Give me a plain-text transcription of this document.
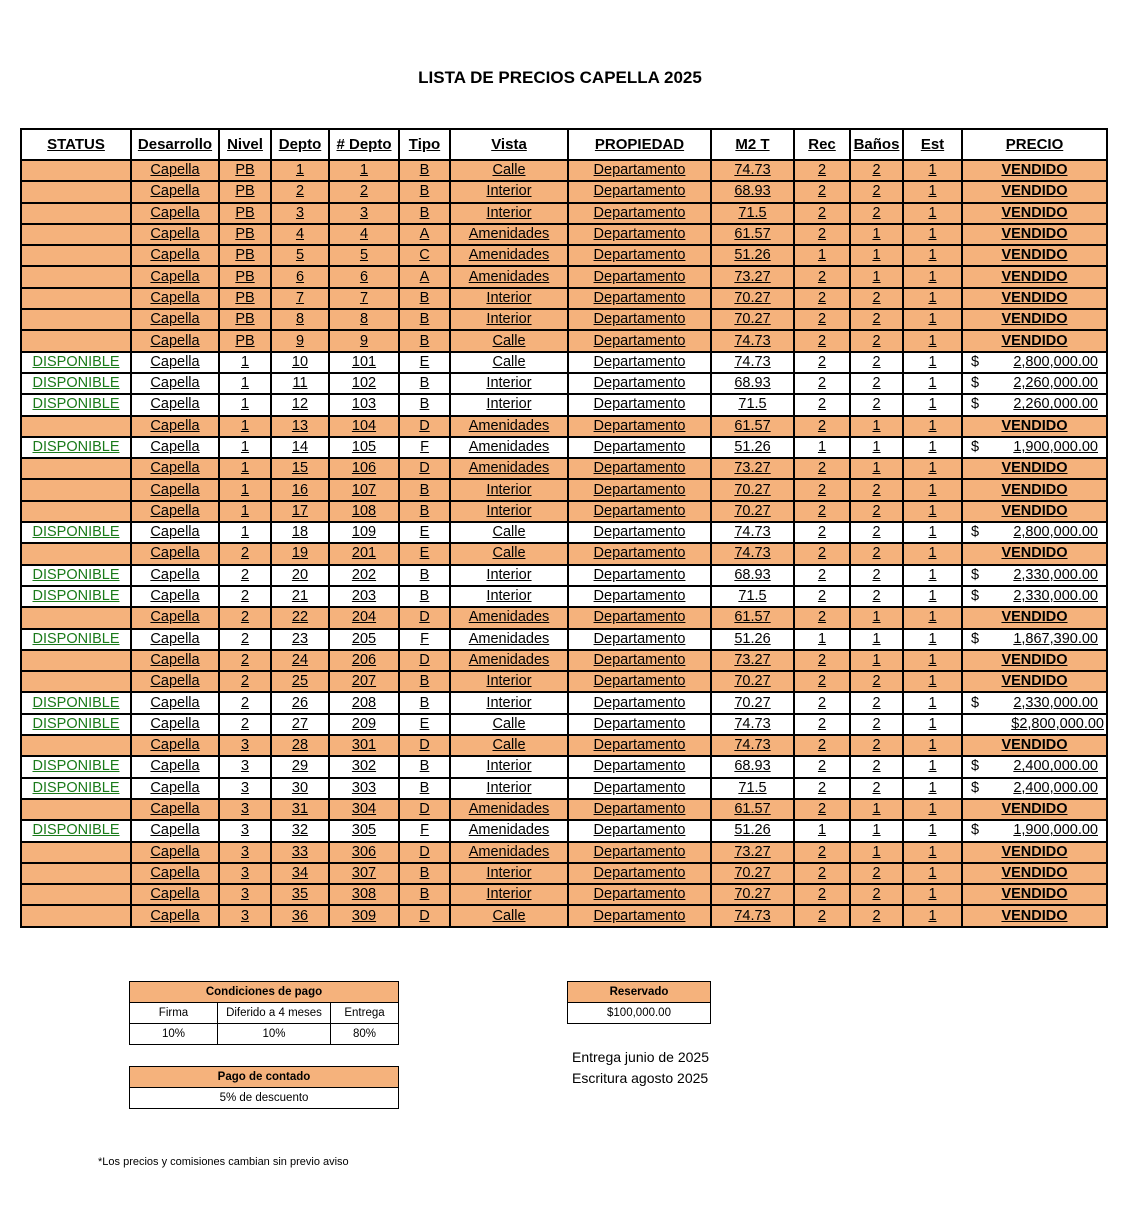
LISTA DE PRECIOS CAPELLA 2025
STATUS	Desarrollo	Nivel	Depto	# Depto	Tipo	Vista	PROPIEDAD	M2 T	Rec	Baños	Est	PRECIO
	Capella	PB	1	1	B	Calle	Departamento	74.73	2	2	1	VENDIDO
	Capella	PB	2	2	B	Interior	Departamento	68.93	2	2	1	VENDIDO
	Capella	PB	3	3	B	Interior	Departamento	71.5	2	2	1	VENDIDO
	Capella	PB	4	4	A	Amenidades	Departamento	61.57	2	1	1	VENDIDO
	Capella	PB	5	5	C	Amenidades	Departamento	51.26	1	1	1	VENDIDO
	Capella	PB	6	6	A	Amenidades	Departamento	73.27	2	1	1	VENDIDO
	Capella	PB	7	7	B	Interior	Departamento	70.27	2	2	1	VENDIDO
	Capella	PB	8	8	B	Interior	Departamento	70.27	2	2	1	VENDIDO
	Capella	PB	9	9	B	Calle	Departamento	74.73	2	2	1	VENDIDO
DISPONIBLE	Capella	1	10	101	E	Calle	Departamento	74.73	2	2	1	$ 2,800,000.00
DISPONIBLE	Capella	1	11	102	B	Interior	Departamento	68.93	2	2	1	$ 2,260,000.00
DISPONIBLE	Capella	1	12	103	B	Interior	Departamento	71.5	2	2	1	$ 2,260,000.00
	Capella	1	13	104	D	Amenidades	Departamento	61.57	2	1	1	VENDIDO
DISPONIBLE	Capella	1	14	105	F	Amenidades	Departamento	51.26	1	1	1	$ 1,900,000.00
	Capella	1	15	106	D	Amenidades	Departamento	73.27	2	1	1	VENDIDO
	Capella	1	16	107	B	Interior	Departamento	70.27	2	2	1	VENDIDO
	Capella	1	17	108	B	Interior	Departamento	70.27	2	2	1	VENDIDO
DISPONIBLE	Capella	1	18	109	E	Calle	Departamento	74.73	2	2	1	$ 2,800,000.00
	Capella	2	19	201	E	Calle	Departamento	74.73	2	2	1	VENDIDO
DISPONIBLE	Capella	2	20	202	B	Interior	Departamento	68.93	2	2	1	$ 2,330,000.00
DISPONIBLE	Capella	2	21	203	B	Interior	Departamento	71.5	2	2	1	$ 2,330,000.00
	Capella	2	22	204	D	Amenidades	Departamento	61.57	2	1	1	VENDIDO
DISPONIBLE	Capella	2	23	205	F	Amenidades	Departamento	51.26	1	1	1	$ 1,867,390.00
	Capella	2	24	206	D	Amenidades	Departamento	73.27	2	1	1	VENDIDO
	Capella	2	25	207	B	Interior	Departamento	70.27	2	2	1	VENDIDO
DISPONIBLE	Capella	2	26	208	B	Interior	Departamento	70.27	2	2	1	$ 2,330,000.00
DISPONIBLE	Capella	2	27	209	E	Calle	Departamento	74.73	2	2	1	$2,800,000.00
	Capella	3	28	301	D	Calle	Departamento	74.73	2	2	1	VENDIDO
DISPONIBLE	Capella	3	29	302	B	Interior	Departamento	68.93	2	2	1	$ 2,400,000.00
DISPONIBLE	Capella	3	30	303	B	Interior	Departamento	71.5	2	2	1	$ 2,400,000.00
	Capella	3	31	304	D	Amenidades	Departamento	61.57	2	1	1	VENDIDO
DISPONIBLE	Capella	3	32	305	F	Amenidades	Departamento	51.26	1	1	1	$ 1,900,000.00
	Capella	3	33	306	D	Amenidades	Departamento	73.27	2	1	1	VENDIDO
	Capella	3	34	307	B	Interior	Departamento	70.27	2	2	1	VENDIDO
	Capella	3	35	308	B	Interior	Departamento	70.27	2	2	1	VENDIDO
	Capella	3	36	309	D	Calle	Departamento	74.73	2	2	1	VENDIDO
Condiciones de pago		
Firma	Diferido a 4 meses	Entrega
10%	10%	80%
Pago de contado
5% de descuento
Reservado
$100,000.00
Entrega junio de 2025
Escritura agosto 2025
*Los precios y comisiones cambian sin previo aviso
